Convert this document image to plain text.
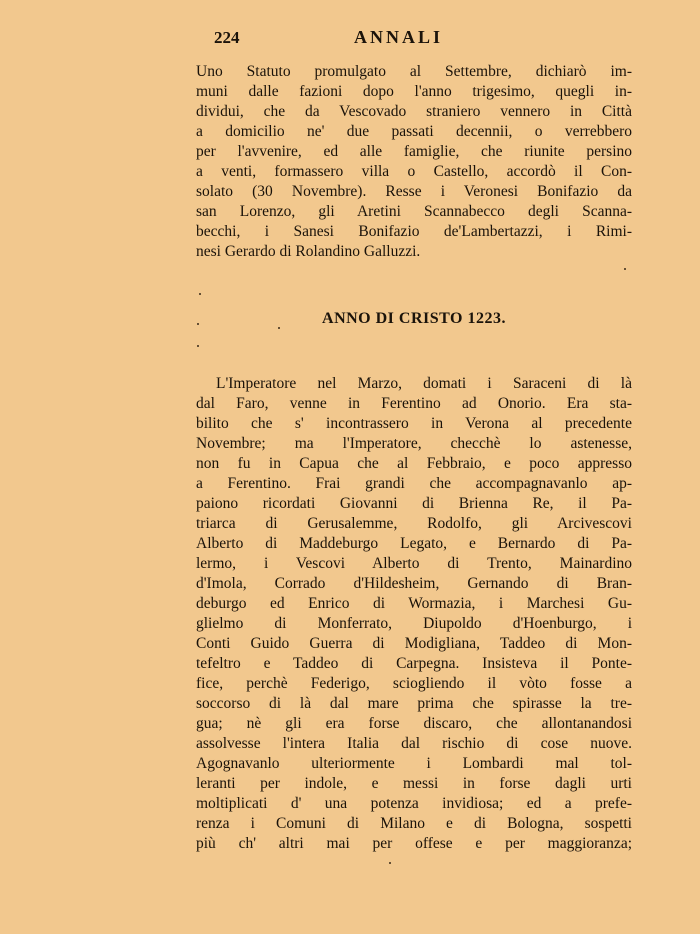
224	ANNALI
Uno Statuto promulgato al Settembre, dichiarò im-
muni dalle fazioni dopo l'anno trigesimo, quegli in-
dividui, che da Vescovado straniero vennero in Città
a domicilio ne' due passati decennii, o verrebbero
per l'avvenire, ed alle famiglie, che riunite persino
a venti, formassero villa o Castello, accordò il Con-
solato (30 Novembre). Resse i Veronesi Bonifazio da
san Lorenzo, gli Aretini Scannabecco degli Scanna-
becchi, i Sanesi Bonifazio de'Lambertazzi, i Rimi-
nesi Gerardo di Rolandino Galluzzi.
ANNO DI CRISTO 1223.
L'Imperatore nel Marzo, domati i Saraceni di là
dal Faro, venne in Ferentino ad Onorio. Era sta-
bilito che s' incontrassero in Verona al precedente
Novembre; ma l'Imperatore, checchè lo astenesse,
non fu in Capua che al Febbraio, e poco appresso
a Ferentino. Frai grandi che accompagnavanlo ap-
paiono ricordati Giovanni di Brienna Re, il Pa-
triarca di Gerusalemme, Rodolfo, gli Arcivescovi
Alberto di Maddeburgo Legato, e Bernardo di Pa-
lermo, i Vescovi Alberto di Trento, Mainardino
d'Imola, Corrado d'Hildesheim, Gernando di Bran-
deburgo ed Enrico di Wormazia, i Marchesi Gu-
glielmo di Monferrato, Diupoldo d'Hoenburgo, i
Conti Guido Guerra di Modigliana, Taddeo di Mon-
tefeltro e Taddeo di Carpegna. Insisteva il Ponte-
fice, perchè Federigo, sciogliendo il vòto fosse a
soccorso di là dal mare prima che spirasse la tre-
gua; nè gli era forse discaro, che allontanandosi
assolvesse l'intera Italia dal rischio di cose nuove.
Agognavanlo ulteriormente i Lombardi mal tol-
leranti per indole, e messi in forse dagli urti
moltiplicati d' una potenza invidiosa; ed a prefe-
renza i Comuni di Milano e di Bologna, sospetti
più ch' altri mai per offese e per maggioranza;
